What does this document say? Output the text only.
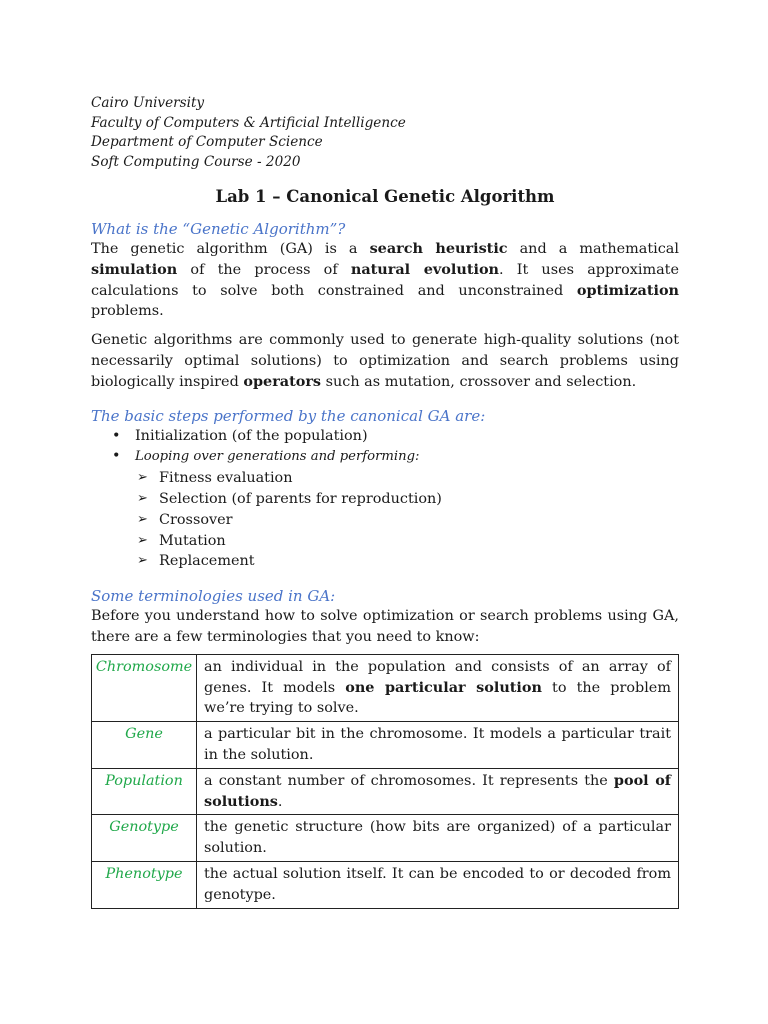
Cairo University
Faculty of Computers & Artificial Intelligence
Department of Computer Science
Soft Computing Course - 2020
Lab 1 – Canonical Genetic Algorithm
What is the “Genetic Algorithm”?

The genetic algorithm (GA) is a search heuristic and a mathematical simulation of the process of natural evolution. It uses approximate calculations to solve both constrained and unconstrained optimization problems.

Genetic algorithms are commonly used to generate high-quality solutions (not necessarily optimal solutions) to optimization and search problems using biologically inspired operators such as mutation, crossover and selection.

The basic steps performed by the canonical GA are:
• Initialization (of the population)
• Looping over generations and performing:
➢ Fitness evaluation
➢ Selection (of parents for reproduction)
➢ Crossover
➢ Mutation
➢ Replacement
Some terminologies used in GA:

Before you understand how to solve optimization or search problems using GA, there are a few terminologies that you need to know:

Chromosome	an individual in the population and consists of an array of genes. It models one particular solution to the problem we’re trying to solve.
Gene	a particular bit in the chromosome. It models a particular trait in the solution.
Population	a constant number of chromosomes. It represents the pool of solutions.
Genotype	the genetic structure (how bits are organized) of a particular solution.
Phenotype	the actual solution itself. It can be encoded to or decoded from genotype.
